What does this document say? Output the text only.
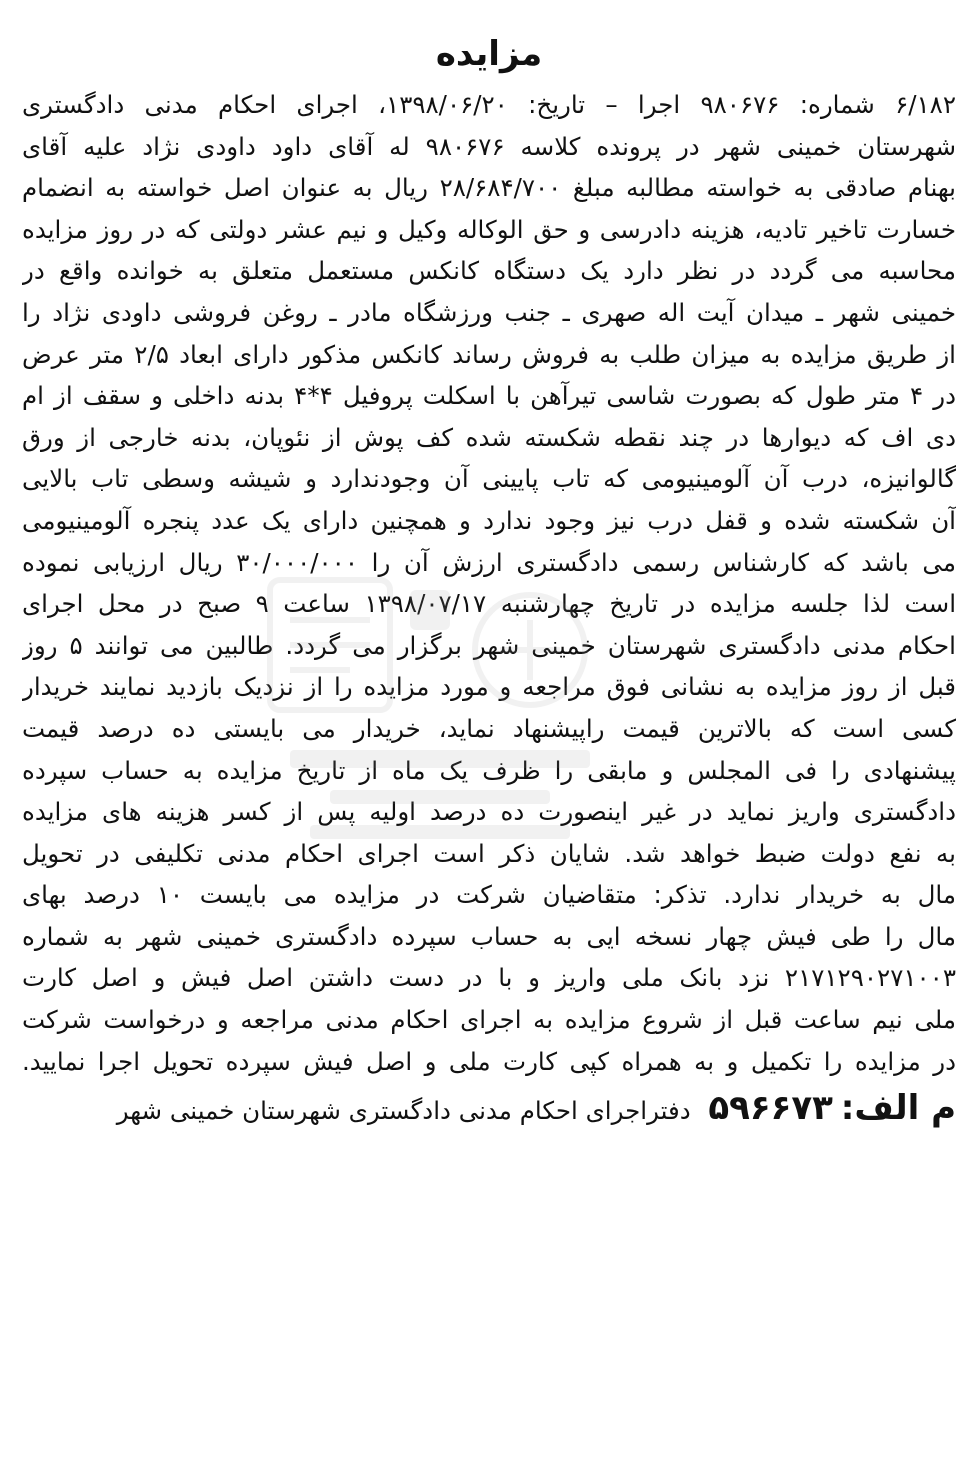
مزایده
۶/۱۸۲ شماره: ۹۸۰۶۷۶ اجرا – تاریخ: ۱۳۹۸/۰۶/۲۰، اجرای احکام مدنی دادگستری
شهرستان خمینی شهر در پرونده کلاسه ۹۸۰۶۷۶ له آقای داود داودی نژاد علیه آقای
بهنام صادقی به خواسته مطالبه مبلغ ۲۸/۶۸۴/۷۰۰ ریال به عنوان اصل خواسته به انضمام
خسارت تاخیر تادیه، هزینه دادرسی و حق الوکاله وکیل و نیم عشر دولتی که در روز مزایده
محاسبه می گردد در نظر دارد یک دستگاه کانکس مستعمل متعلق به خوانده واقع در
خمینی شهر ـ میدان آیت اله صهری ـ جنب ورزشگاه مادر ـ روغن فروشی داودی نژاد را
از طریق مزایده به میزان طلب به فروش رساند کانکس مذکور دارای ابعاد ۲/۵ متر عرض
در ۴ متر طول که بصورت شاسی تیرآهن با اسکلت پروفیل ۴*۴ بدنه داخلی و سقف از ام
دی اف که دیوارها در چند نقطه شکسته شده کف پوش از نئوپان، بدنه خارجی از ورق
گالوانیزه، درب آن آلومینیومی که تاب پایینی آن وجودندارد و شیشه وسطی تاب بالایی
آن شکسته شده و قفل درب نیز وجود ندارد و همچنین دارای یک عدد پنجره آلومینیومی
می باشد که کارشناس رسمی دادگستری ارزش آن را ۳۰/۰۰۰/۰۰۰ ریال ارزیابی نموده
است لذا جلسه مزایده در تاریخ چهارشنبه ۱۳۹۸/۰۷/۱۷ ساعت ۹ صبح در محل اجرای
احکام مدنی دادگستری شهرستان خمینی شهر برگزار می گردد. طالبین می توانند ۵ روز
قبل از روز مزایده به نشانی فوق مراجعه و مورد مزایده را از نزدیک بازدید نمایند خریدار
کسی است که بالاترین قیمت راپیشنهاد نماید، خریدار می بایستی ده درصد قیمت
پیشنهادی را فی المجلس و مابقی را ظرف یک ماه از تاریخ مزایده به حساب سپرده
دادگستری واریز نماید در غیر اینصورت ده درصد اولیه پس از کسر هزینه های مزایده
به نفع دولت ضبط خواهد شد. شایان ذکر است اجرای احکام مدنی تکلیفی در تحویل
مال به خریدار ندارد. تذکر: متقاضیان شرکت در مزایده می بایست ۱۰ درصد بهای
مال را طی فیش چهار نسخه ایی به حساب سپرده دادگستری خمینی شهر به شماره
۲۱۷۱۲۹۰۲۷۱۰۰۳ نزد بانک ملی واریز و با در دست داشتن اصل فیش و اصل کارت
ملی نیم ساعت قبل از شروع مزایده به اجرای احکام مدنی مراجعه و درخواست شرکت
در مزایده را تکمیل و به همراه کپی کارت ملی و اصل فیش سپرده تحویل اجرا نمایید.
م الف: ۵۹۶۶۷۳ دفتراجرای احکام مدنی دادگستری شهرستان خمینی شهر
